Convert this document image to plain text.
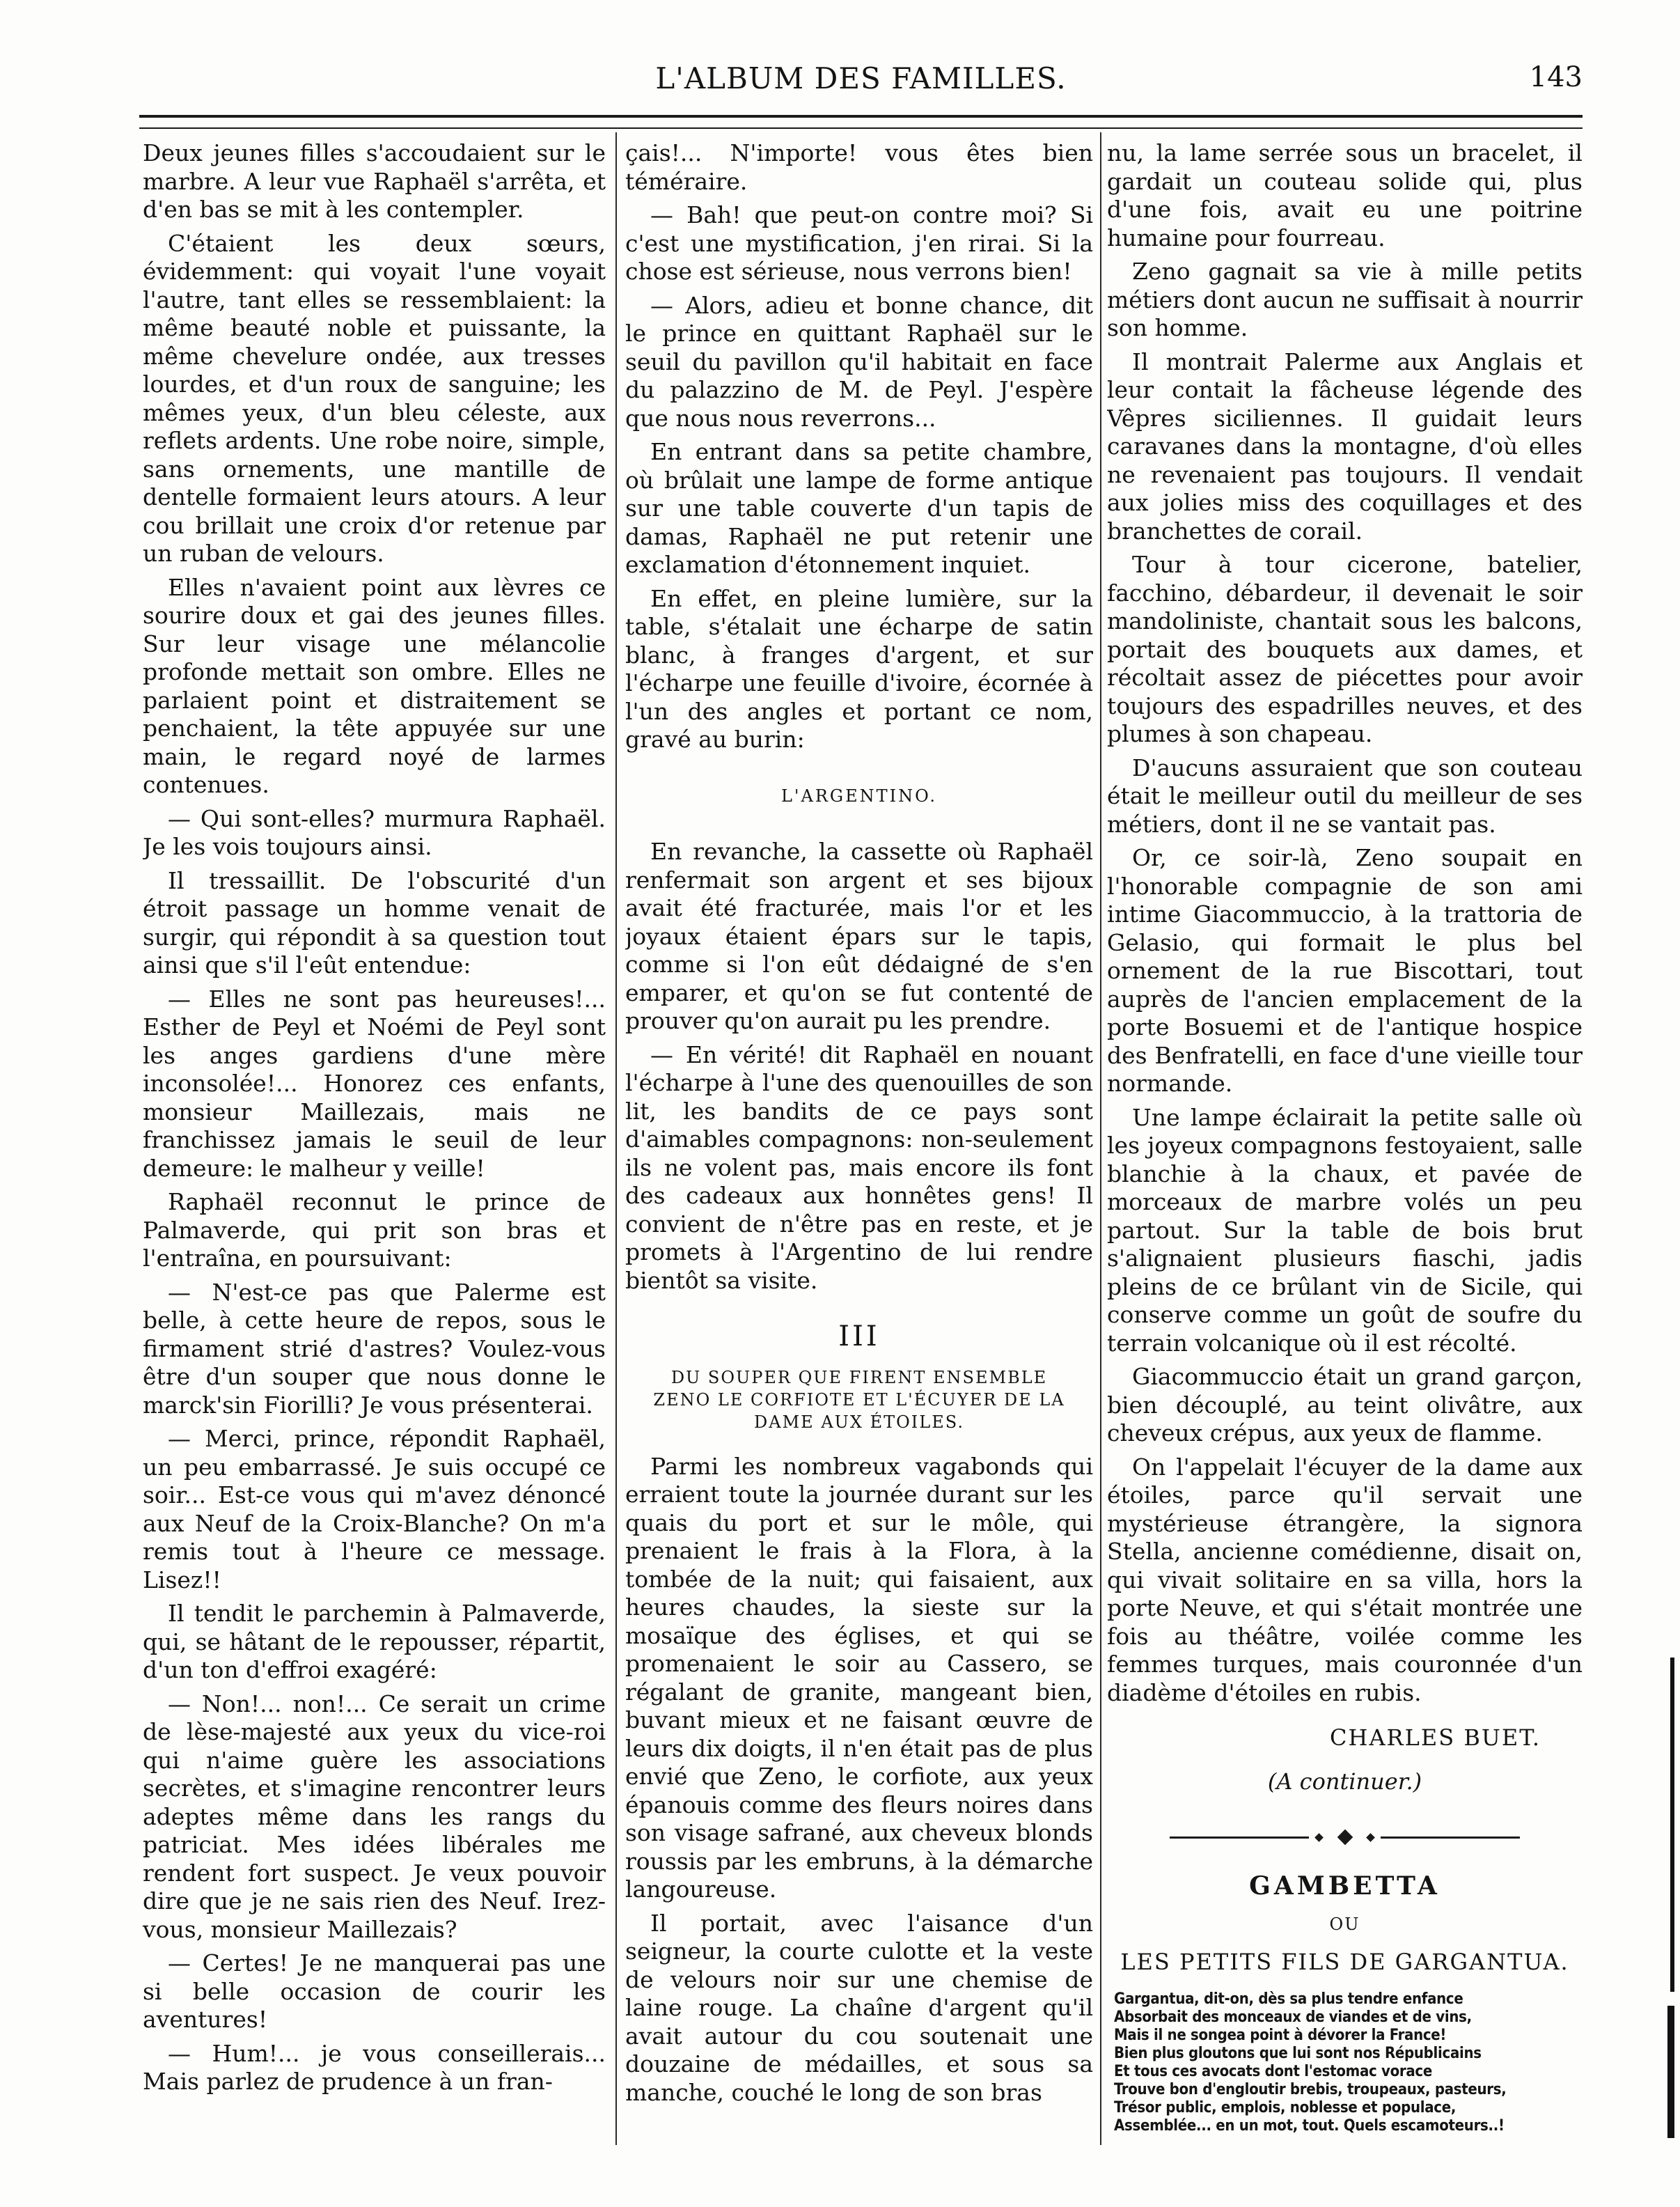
L'ALBUM DES FAMILLES.	143

Deux jeunes filles s'accoudaient sur le marbre. A leur vue Raphaël s'arrêta, et d'en bas se mit à les contempler.

C'étaient les deux sœurs, évidemment: qui voyait l'une voyait l'autre, tant elles se ressemblaient: la même beauté noble et puissante, la même chevelure ondée, aux tresses lourdes, et d'un roux de sanguine; les mêmes yeux, d'un bleu céleste, aux reflets ardents. Une robe noire, simple, sans ornements, une mantille de dentelle formaient leurs atours. A leur cou brillait une croix d'or retenue par un ruban de velours.

Elles n'avaient point aux lèvres ce sourire doux et gai des jeunes filles. Sur leur visage une mélancolie profonde mettait son ombre. Elles ne parlaient point et distraitement se penchaient, la tête appuyée sur une main, le regard noyé de larmes contenues.

— Qui sont-elles? murmura Raphaël. Je les vois toujours ainsi.

Il tressaillit. De l'obscurité d'un étroit passage un homme venait de surgir, qui répondit à sa question tout ainsi que s'il l'eût entendue:

— Elles ne sont pas heureuses!... Esther de Peyl et Noémi de Peyl sont les anges gardiens d'une mère inconsolée!... Honorez ces enfants, monsieur Maillezais, mais ne franchissez jamais le seuil de leur demeure: le malheur y veille!

Raphaël reconnut le prince de Palmaverde, qui prit son bras et l'entraîna, en poursuivant:

— N'est-ce pas que Palerme est belle, à cette heure de repos, sous le firmament strié d'astres? Voulez-vous être d'un souper que nous donne le marck'sin Fiorilli? Je vous présenterai.

— Merci, prince, répondit Raphaël, un peu embarrassé. Je suis occupé ce soir... Est-ce vous qui m'avez dénoncé aux Neuf de la Croix-Blanche? On m'a remis tout à l'heure ce message. Lisez!!

Il tendit le parchemin à Palmaverde, qui, se hâtant de le repousser, répartit, d'un ton d'effroi exagéré:

— Non!... non!... Ce serait un crime de lèse-majesté aux yeux du vice-roi qui n'aime guère les associations secrètes, et s'imagine rencontrer leurs adeptes même dans les rangs du patriciat. Mes idées libérales me rendent fort suspect. Je veux pouvoir dire que je ne sais rien des Neuf. Irez-vous, monsieur Maillezais?

— Certes! Je ne manquerai pas une si belle occasion de courir les aventures!

— Hum!... je vous conseillerais... Mais parlez de prudence à un fran-

çais!... N'importe! vous êtes bien téméraire.

— Bah! que peut-on contre moi? Si c'est une mystification, j'en rirai. Si la chose est sérieuse, nous verrons bien!

— Alors, adieu et bonne chance, dit le prince en quittant Raphaël sur le seuil du pavillon qu'il habitait en face du palazzino de M. de Peyl. J'espère que nous nous reverrons...

En entrant dans sa petite chambre, où brûlait une lampe de forme antique sur une table couverte d'un tapis de damas, Raphaël ne put retenir une exclamation d'étonnement inquiet.

En effet, en pleine lumière, sur la table, s'étalait une écharpe de satin blanc, à franges d'argent, et sur l'écharpe une feuille d'ivoire, écornée à l'un des angles et portant ce nom, gravé au burin:

L'ARGENTINO.

En revanche, la cassette où Raphaël renfermait son argent et ses bijoux avait été fracturée, mais l'or et les joyaux étaient épars sur le tapis, comme si l'on eût dédaigné de s'en emparer, et qu'on se fut contenté de prouver qu'on aurait pu les prendre.

— En vérité! dit Raphaël en nouant l'écharpe à l'une des quenouilles de son lit, les bandits de ce pays sont d'aimables compagnons: non-seulement ils ne volent pas, mais encore ils font des cadeaux aux honnêtes gens! Il convient de n'être pas en reste, et je promets à l'Argentino de lui rendre bientôt sa visite.

III
DU SOUPER QUE FIRENT ENSEMBLE ZENO LE CORFIOTE ET L'ÉCUYER DE LA DAME AUX ÉTOILES.

Parmi les nombreux vagabonds qui erraient toute la journée durant sur les quais du port et sur le môle, qui prenaient le frais à la Flora, à la tombée de la nuit; qui faisaient, aux heures chaudes, la sieste sur la mosaïque des églises, et qui se promenaient le soir au Cassero, se régalant de granite, mangeant bien, buvant mieux et ne faisant œuvre de leurs dix doigts, il n'en était pas de plus envié que Zeno, le corfiote, aux yeux épanouis comme des fleurs noires dans son visage safrané, aux cheveux blonds roussis par les embruns, à la démarche langoureuse.

Il portait, avec l'aisance d'un seigneur, la courte culotte et la veste de velours noir sur une chemise de laine rouge. La chaîne d'argent qu'il avait autour du cou soutenait une douzaine de médailles, et sous sa manche, couché le long de son bras

nu, la lame serrée sous un bracelet, il gardait un couteau solide qui, plus d'une fois, avait eu une poitrine humaine pour fourreau.

Zeno gagnait sa vie à mille petits métiers dont aucun ne suffisait à nourrir son homme.

Il montrait Palerme aux Anglais et leur contait la fâcheuse légende des Vêpres siciliennes. Il guidait leurs caravanes dans la montagne, d'où elles ne revenaient pas toujours. Il vendait aux jolies miss des coquillages et des branchettes de corail.

Tour à tour cicerone, batelier, facchino, débardeur, il devenait le soir mandoliniste, chantait sous les balcons, portait des bouquets aux dames, et récoltait assez de piécettes pour avoir toujours des espadrilles neuves, et des plumes à son chapeau.

D'aucuns assuraient que son couteau était le meilleur outil du meilleur de ses métiers, dont il ne se vantait pas.

Or, ce soir-là, Zeno soupait en l'honorable compagnie de son ami intime Giacommuccio, à la trattoria de Gelasio, qui formait le plus bel ornement de la rue Biscottari, tout auprès de l'ancien emplacement de la porte Bosuemi et de l'antique hospice des Benfratelli, en face d'une vieille tour normande.

Une lampe éclairait la petite salle où les joyeux compagnons festoyaient, salle blanchie à la chaux, et pavée de morceaux de marbre volés un peu partout. Sur la table de bois brut s'alignaient plusieurs fiaschi, jadis pleins de ce brûlant vin de Sicile, qui conserve comme un goût de soufre du terrain volcanique où il est récolté.

Giacommuccio était un grand garçon, bien découplé, au teint olivâtre, aux cheveux crépus, aux yeux de flamme.

On l'appelait l'écuyer de la dame aux étoiles, parce qu'il servait une mystérieuse étrangère, la signora Stella, ancienne comédienne, disait on, qui vivait solitaire en sa villa, hors la porte Neuve, et qui s'était montrée une fois au théâtre, voilée comme les femmes turques, mais couronnée d'un diadème d'étoiles en rubis.

CHARLES BUET.
(A continuer.)
GAMBETTA
OU
LES PETITS FILS DE GARGANTUA.
Gargantua, dit-on, dès sa plus tendre enfance
Absorbait des monceaux de viandes et de vins,
Mais il ne songea point à dévorer la France!
Bien plus gloutons que lui sont nos Républicains
Et tous ces avocats dont l'estomac vorace
Trouve bon d'engloutir brebis, troupeaux, pasteurs,
Trésor public, emplois, noblesse et populace,
Assemblée... en un mot, tout. Quels escamoteurs..!
